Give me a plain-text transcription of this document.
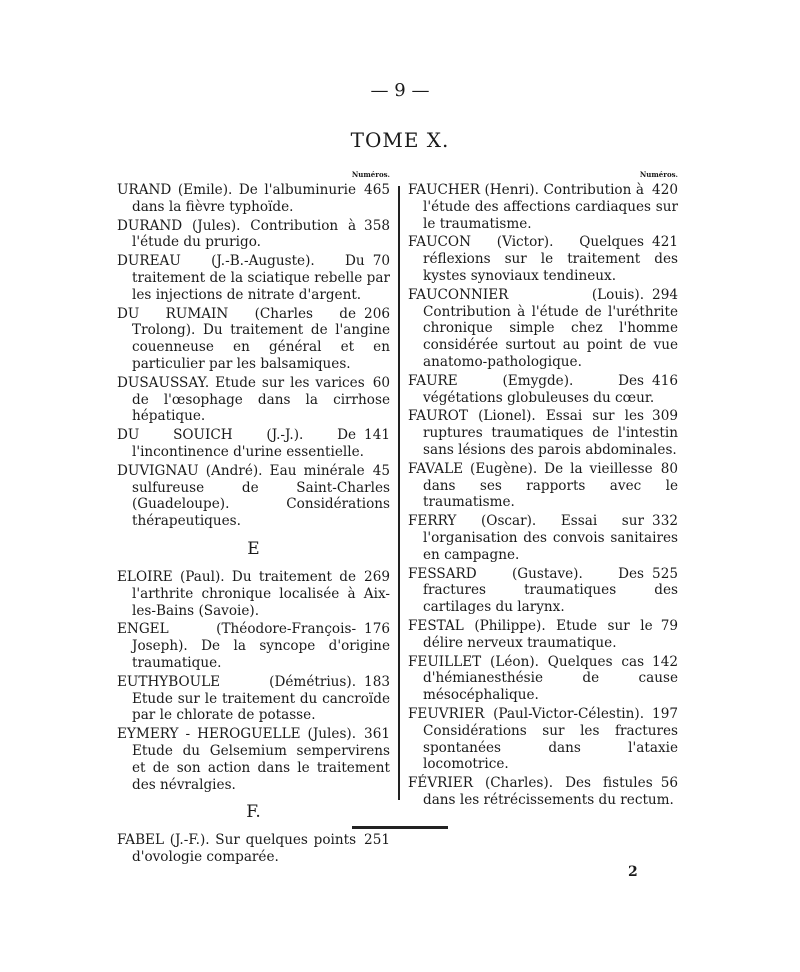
— 9 —
TOME X.
Numéros.
465
URAND (Emile). De l'albuminurie dans la fièvre typhoïde.
358
DURAND (Jules). Contribution à l'étude du prurigo.
70
DUREAU (J.-B.-Auguste). Du traitement de la sciatique rebelle par les injections de nitrate d'argent.
206
DU RUMAIN (Charles de Trolong). Du traitement de l'angine couenneuse en général et en particulier par les balsamiques.
60
DUSAUSSAY. Etude sur les varices de l'œsophage dans la cirrhose hépatique.
141
DU SOUICH (J.-J.). De l'incontinence d'urine essentielle.
45
DUVIGNAU (André). Eau minérale sulfureuse de Saint-Charles (Guadeloupe). Considérations thérapeutiques.
E
269
ELOIRE (Paul). Du traitement de l'arthrite chronique localisée à Aix-les-Bains (Savoie).
176
ENGEL (Théodore-François-Joseph). De la syncope d'origine traumatique.
183
EUTHYBOULE (Démétrius). Etude sur le traitement du cancroïde par le chlorate de potasse.
361
EYMERY - HEROGUELLE (Jules). Etude du Gelsemium sempervirens et de son action dans le traitement des névralgies.
F.
251
FABEL (J.-F.). Sur quelques points d'ovologie comparée.
Numéros.
420
FAUCHER (Henri). Contribution à l'étude des affections cardiaques sur le traumatisme.
421
FAUCON (Victor). Quelques réflexions sur le traitement des kystes synoviaux tendineux.
294
FAUCONNIER (Louis). Contribution à l'étude de l'uréthrite chronique simple chez l'homme considérée surtout au point de vue anatomo-pathologique.
416
FAURE (Emygde). Des végétations globuleuses du cœur.
309
FAUROT (Lionel). Essai sur les ruptures traumatiques de l'intestin sans lésions des parois abdominales.
80
FAVALE (Eugène). De la vieillesse dans ses rapports avec le traumatisme.
332
FERRY (Oscar). Essai sur l'organisation des convois sanitaires en campagne.
525
FESSARD (Gustave). Des fractures traumatiques des cartilages du larynx.
79
FESTAL (Philippe). Etude sur le délire nerveux traumatique.
142
FEUILLET (Léon). Quelques cas d'hémianesthésie de cause mésocéphalique.
197
FEUVRIER (Paul-Victor-Célestin). Considérations sur les fractures spontanées dans l'ataxie locomotrice.
56
FÉVRIER (Charles). Des fistules dans les rétrécissements du rectum.
2
